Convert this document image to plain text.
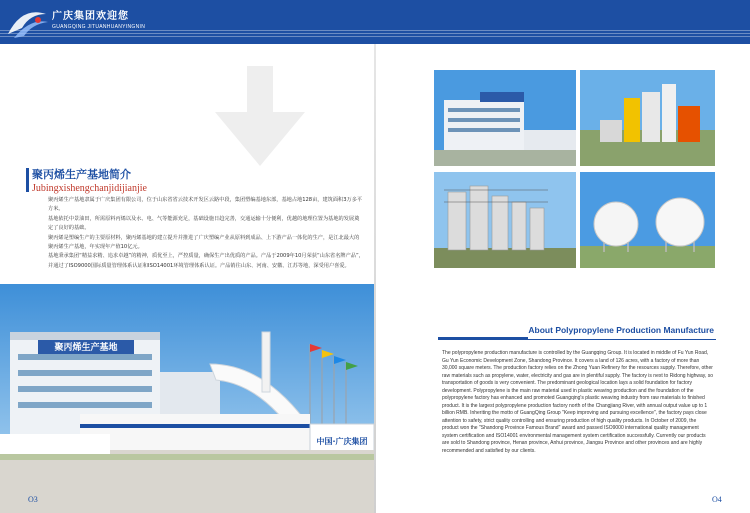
广庆集团欢迎您
GUANGQING JITUANHUANYINGNIN
聚丙烯生产基地简介
Jubingxishengchanjidijianjie

聚丙烯生产基地隶属于广庆集团有限公司，位于山东省省云技术开发区云路中段，集团塑编基地东部，基地占地128亩，建筑面积3万多平方米。

基地依托中景油田，所需原料丙烯以及水、电、气等能源充足，基础设施日趋完善，交通运输十分便利，优越的地理位置为基地的发展奠定了良好的基础。

聚丙烯是塑编生产的主要原材料，聚丙烯基地的建立提升并推进了广庆塑编产业从原料到成品、上下游产品一体化的生产，是江北最大的聚丙烯生产基地，年实现年产值10亿元。

基地秉承集团“精益求精、追求卓越”的精神，质优至上，严控质量，确保生产出优质的产品。产品于2009年10月荣获“山东省名牌产品”，并通过了ISO9000国际质量管理体系认证和ISO14001环境管理体系认证。产品销往山东、河南、安徽、江苏等地，深受用户喜爱。

聚丙烯生产基地
中国·广庆集团
O3
About Polypropylene Production Manufacture
The polypropylene production manufacture is controlled by the Guangqing Group. It is located in middle of Fu Yun Road, Gu Yun Economic Development Zone, Shandong Province. It covers a land of 126 acres, with a factory of more than 30,000 square meters. The production factory relies on the Zhong Yuan Refinery for the resources supply. Therefore, other raw materials such as propylene, water, electricity and gas are in plentiful supply. The factory is next to Ridong highway, so transportation of goods is very convenient. The predominant geological location lays a solid foundation for factory development. Polypropylene is the main raw material used in plastic weaving production and the foundation of the polypropylene factory has enhanced and promoted Guangqing's plastic weaving industry from raw materials to finished product. It is the largest polypropylene production factory north of the Changjiang River, with annual output value up to 1 billion RMB. Inheriting the motto of GuangQing Group "Keep improving and pursuing excellence", the factory pays close attention to safety, strict quality controlling and ensuring production of high quality products. In October of 2009, the product won the "Shandong Province Famous Brand" award and passed ISO9000 international quality management system certification and ISO14001 environmental management system certification successfully. Currently our products are sold to Shandong province, Henan province, Anhui province, Jiangsu Province and other provinces and are highly recommended and satisfied by our clients.
O4
